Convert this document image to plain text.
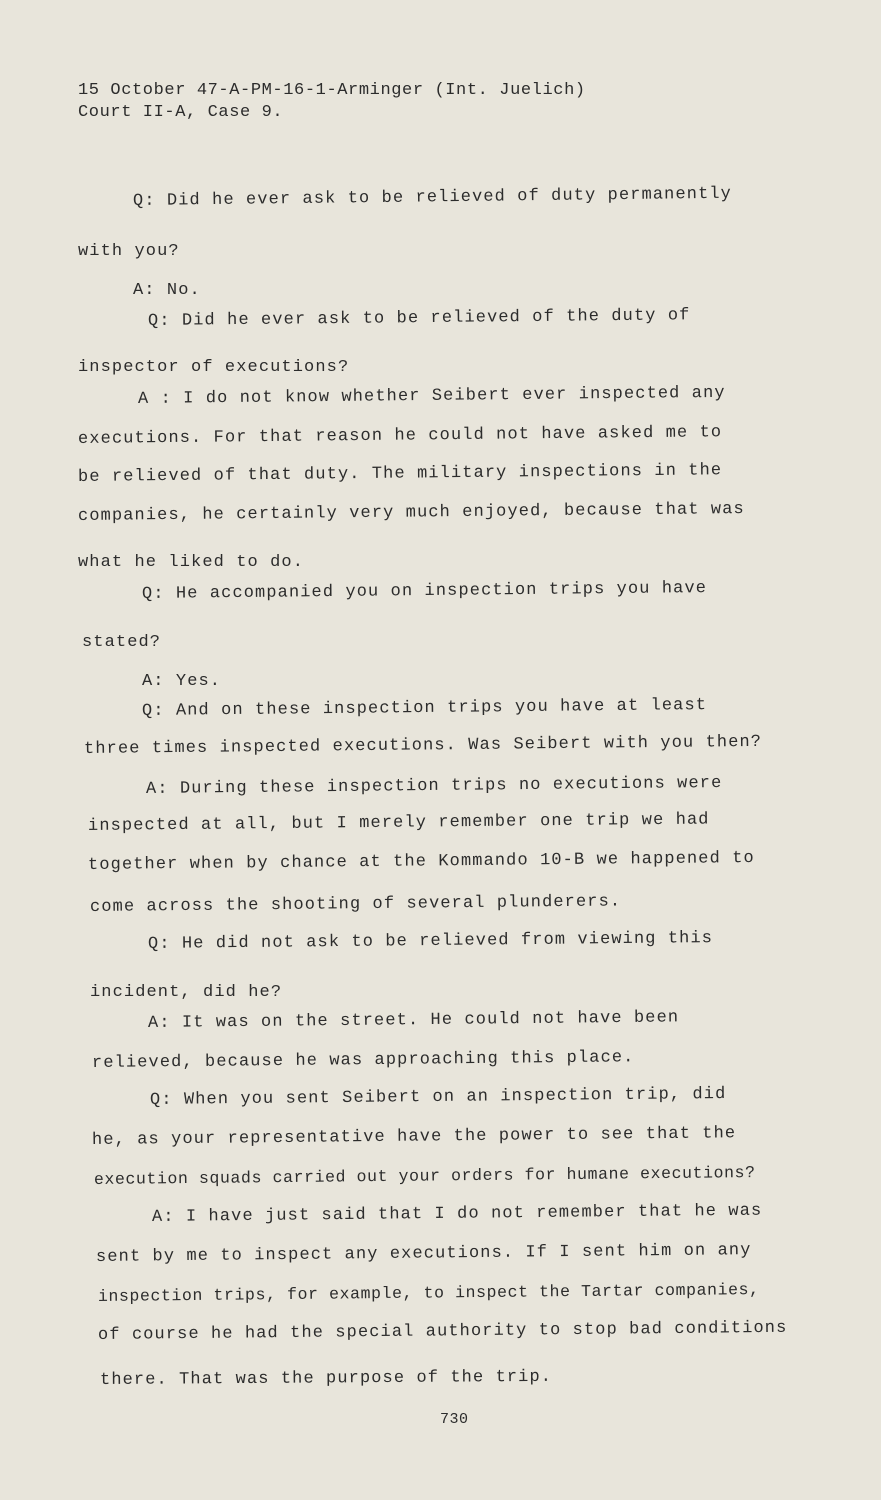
15 October 47-A-PM-16-1-Arminger (Int. Juelich)
Court II-A, Case 9.
Q: Did he ever ask to be relieved of duty permanently
with you?
A: No.
Q: Did he ever ask to be relieved of the duty of
inspector of executions?
A : I do not know whether Seibert ever inspected any
executions. For that reason he could not have asked me to
be relieved of that duty. The military inspections in the
companies, he certainly very much enjoyed, because that was
what he liked to do.
Q: He accompanied you on inspection trips you have
stated?
A: Yes.
Q: And on these inspection trips you have at least
three times inspected executions. Was Seibert with you then?
A: During these inspection trips no executions were
inspected at all, but I merely remember one trip we had
together when by chance at the Kommando 10-B we happened to
come across the shooting of several plunderers.
Q: He did not ask to be relieved from viewing this
incident, did he?
A: It was on the street. He could not have been
relieved, because he was approaching this place.
Q: When you sent Seibert on an inspection trip, did
he, as your representative have the power to see that the
execution squads carried out your orders for humane executions?
A: I have just said that I do not remember that he was
sent by me to inspect any executions. If I sent him on any
inspection trips, for example, to inspect the Tartar companies,
of course he had the special authority to stop bad conditions
there. That was the purpose of the trip.
730
